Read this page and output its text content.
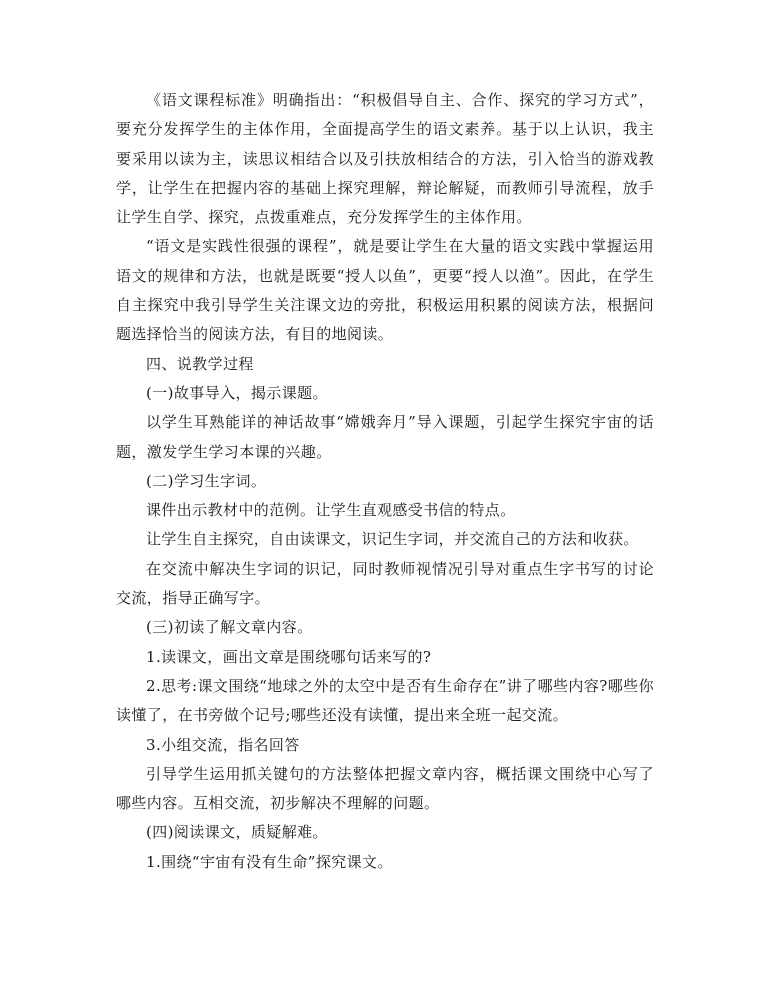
《语文课程标准》明确指出：“积极倡导自主、合作、探究的学习方式”，要充分发挥学生的主体作用，全面提高学生的语文素养。基于以上认识，我主要采用以读为主，读思议相结合以及引扶放相结合的方法，引入恰当的游戏教学，让学生在把握内容的基础上探究理解，辩论解疑，而教师引导流程，放手让学生自学、探究，点拨重难点，充分发挥学生的主体作用。

“语文是实践性很强的课程”，就是要让学生在大量的语文实践中掌握运用语文的规律和方法，也就是既要“授人以鱼”，更要“授人以渔”。因此，在学生自主探究中我引导学生关注课文边的旁批，积极运用积累的阅读方法，根据问题选择恰当的阅读方法，有目的地阅读。

四、说教学过程

(一)故事导入，揭示课题。

以学生耳熟能详的神话故事“嫦娥奔月”导入课题，引起学生探究宇宙的话题，激发学生学习本课的兴趣。

(二)学习生字词。

课件出示教材中的范例。让学生直观感受书信的特点。

让学生自主探究，自由读课文，识记生字词，并交流自己的方法和收获。

在交流中解决生字词的识记，同时教师视情况引导对重点生字书写的讨论交流，指导正确写字。

(三)初读了解文章内容。

1.读课文，画出文章是围绕哪句话来写的?

2.思考:课文围绕“地球之外的太空中是否有生命存在”讲了哪些内容?哪些你读懂了，在书旁做个记号;哪些还没有读懂，提出来全班一起交流。

3.小组交流，指名回答

引导学生运用抓关键句的方法整体把握文章内容，概括课文围绕中心写了哪些内容。互相交流，初步解决不理解的问题。

(四)阅读课文，质疑解难。

1.围绕“宇宙有没有生命”探究课文。
